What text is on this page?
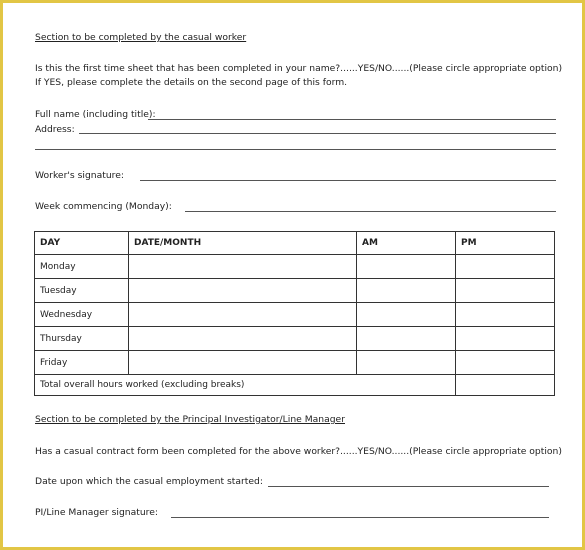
Section to be completed by the casual worker
Is this the first time sheet that has been completed in your name?......YES/NO......(Please circle appropriate option)
If YES, please complete the details on the second page of this form.
Full name (including title):
Address:
Worker's signature:
Week commencing (Monday):
DAY	DATE/MONTH	AM	PM
Monday			
Tuesday			
Wednesday			
Thursday			
Friday			
Total overall hours worked (excluding breaks)			
Section to be completed by the Principal Investigator/Line Manager
Has a casual contract form been completed for the above worker?......YES/NO......(Please circle appropriate option)
Date upon which the casual employment started:
PI/Line Manager signature:
